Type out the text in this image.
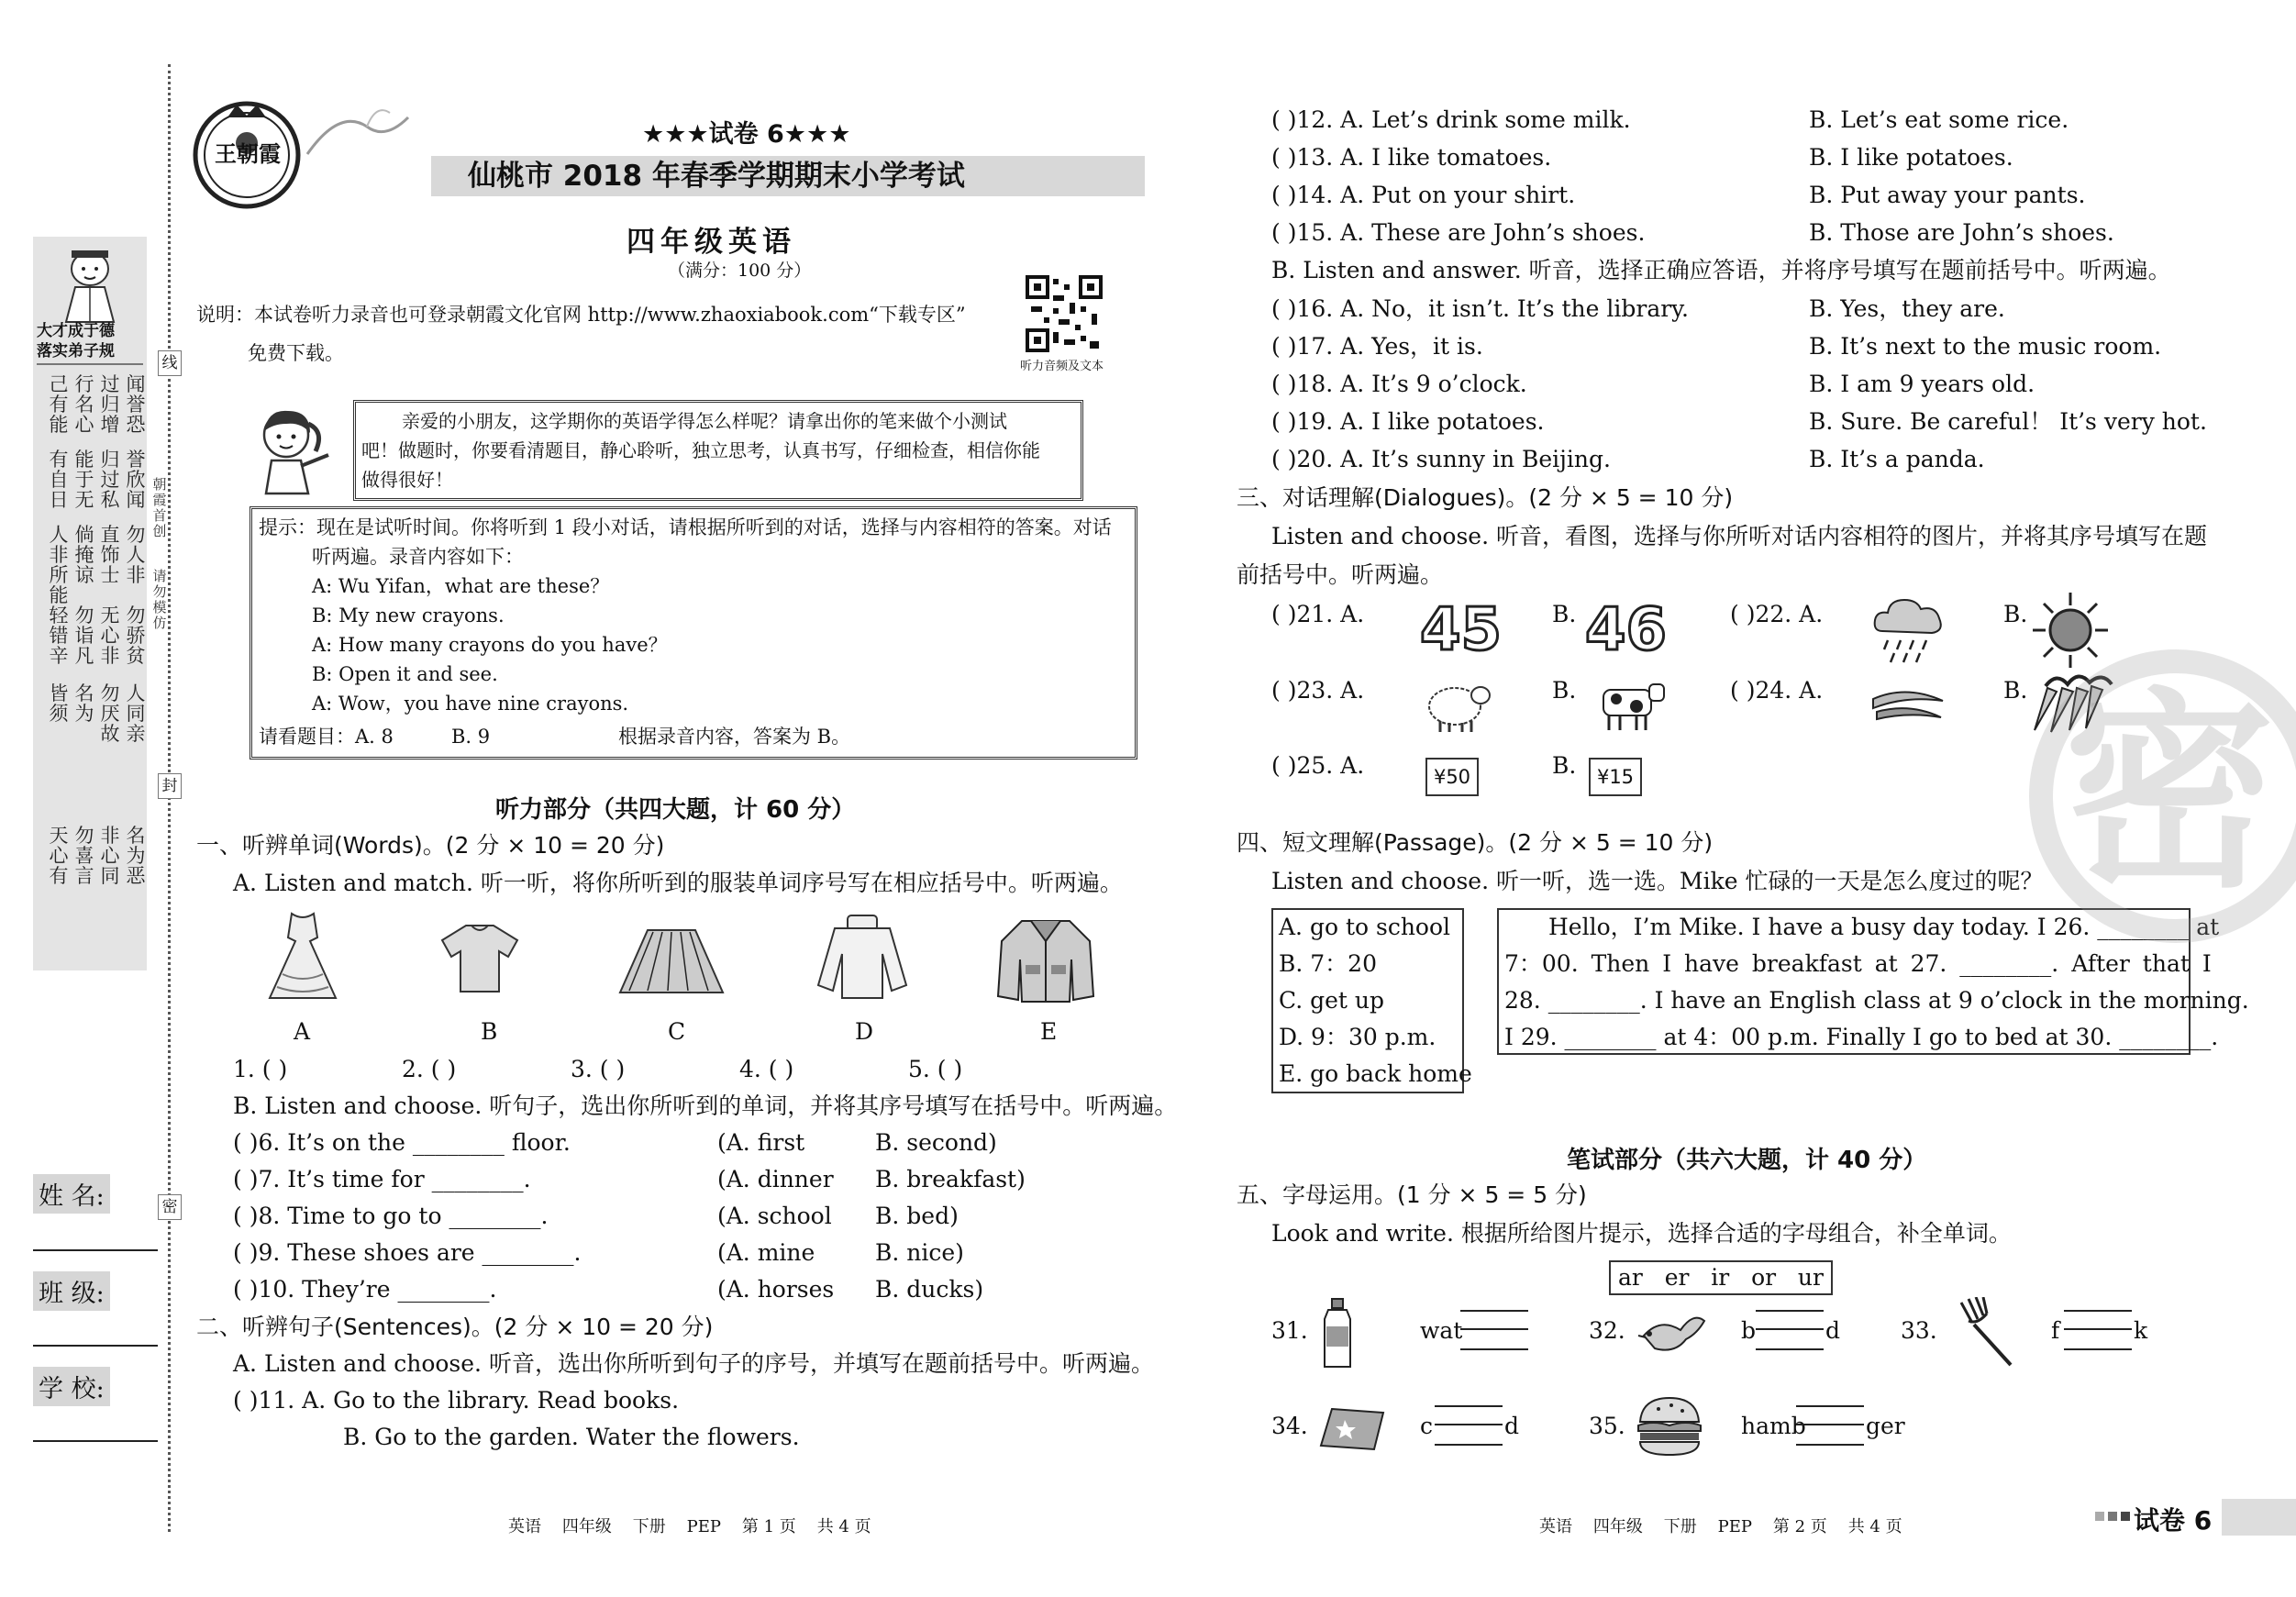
大才成于德
落实弟子规
己有能
行名心
过归增
闻誉恐
有自日
能于无
归过私
誉欣闻
人非所能
倘掩谅
直饰士
勿人非
轻错辛
勿诣凡
无心非
勿骄贫
皆须
名为
勿厌故
人同亲
天心有
勿喜言
非心同
名为恶
线
封
密
朝霞首创
请勿模仿
姓 名:
班 级:
学 校:
王朝霞
★★★试卷 6★★★
仙桃市 2018 年春季学期期末小学考试
四年级英语
（满分：100 分）
说明：本试卷听力录音也可登录朝霞文化官网 http://www.zhaoxiabook.com“下载专区”
免费下载。
听力音频及文本
亲爱的小朋友，这学期你的英语学得怎么样呢？请拿出你的笔来做个小测试
吧！做题时，你要看清题目，静心聆听，独立思考，认真书写，仔细检查，相信你能
做得很好！
提示：现在是试听时间。你将听到 1 段小对话，请根据所听到的对话，选择与内容相符的答案。对话
听两遍。录音内容如下：
A: Wu Yifan，what are these？
B: My new crayons.
A: How many crayons do you have？
B: Open it and see.
A: Wow，you have nine crayons.
请看题目：A. 8	B. 9	根据录音内容，答案为 B。
听力部分（共四大题，计 60 分）
一、听辨单词(Words)。(2 分 × 10 = 20 分)
A. Listen and match. 听一听，将你所听到的服装单词序号写在相应括号中。听两遍。
A	B	C	D	E
1. ( )	2. ( )	3. ( )	4. ( )	5. ( )
B. Listen and choose. 听句子，选出你所听到的单词，并将其序号填写在括号中。听两遍。
( )6. It’s on the ________ floor.	(A. first	B. second)
( )7. It’s time for ________.	(A. dinner B. breakfast)
( )8. Time to go to ________.	(A. school B. bed)
( )9. These shoes are ________.	(A. mine	B. nice)
( )10. They’re ________.	(A. horses B. ducks)
二、听辨句子(Sentences)。(2 分 × 10 = 20 分)
A. Listen and choose. 听音，选出你所听到句子的序号，并填写在题前括号中。听两遍。
( )11. A. Go to the library. Read books.
B. Go to the garden. Water the flowers.
英语    四年级    下册    PEP    第 1 页    共 4 页
( )12. A. Let’s drink some milk.	B. Let’s eat some rice.
( )13. A. I like tomatoes.	B. I like potatoes.
( )14. A. Put on your shirt.	B. Put away your pants.
( )15. A. These are John’s shoes.	B. Those are John’s shoes.
B. Listen and answer. 听音，选择正确应答语，并将序号填写在题前括号中。听两遍。
( )16. A. No，it isn’t. It’s the library.	B. Yes，they are.
( )17. A. Yes，it is.	B. It’s next to the music room.
( )18. A. It’s 9 o’clock.	B. I am 9 years old.
( )19. A. I like potatoes.	B. Sure. Be careful！ It’s very hot.
( )20. A. It’s sunny in Beijing.	B. It’s a panda.
三、对话理解(Dialogues)。(2 分 × 5 = 10 分)
Listen and choose. 听音，看图，选择与你所听对话内容相符的图片，并将其序号填写在题
前括号中。听两遍。
( )21. A. 45 B. 46	( )22. A.	B.
( )23. A.	B.	( )24. A.	B.
( )25. A.	¥50	B.	¥15
四、短文理解(Passage)。(2 分 × 5 = 10 分)
Listen and choose. 听一听，选一选。Mike 忙碌的一天是怎么度过的呢？
A. go to school
B. 7：20
C. get up
D. 9：30 p.m.
E. go back home
Hello，I’m Mike. I have a busy day today. I 26. ________ at
7：00. Then I have breakfast at 27. ________. After that I
28. ________. I have an English class at 9 o’clock in the morning.
I 29. ________ at 4：00 p.m. Finally I go to bed at 30. ________.
笔试部分（共六大题，计 40 分）
五、字母运用。(1 分 × 5 = 5 分)
Look and write. 根据所给图片提示，选择合适的字母组合，补全单词。
ar   er   ir   or   ur
31.	wat	32.	b	d	33.	f	k
34.	c	d	35.	hamb	ger
密
英语    四年级    下册    PEP    第 2 页    共 4 页	试卷 6
